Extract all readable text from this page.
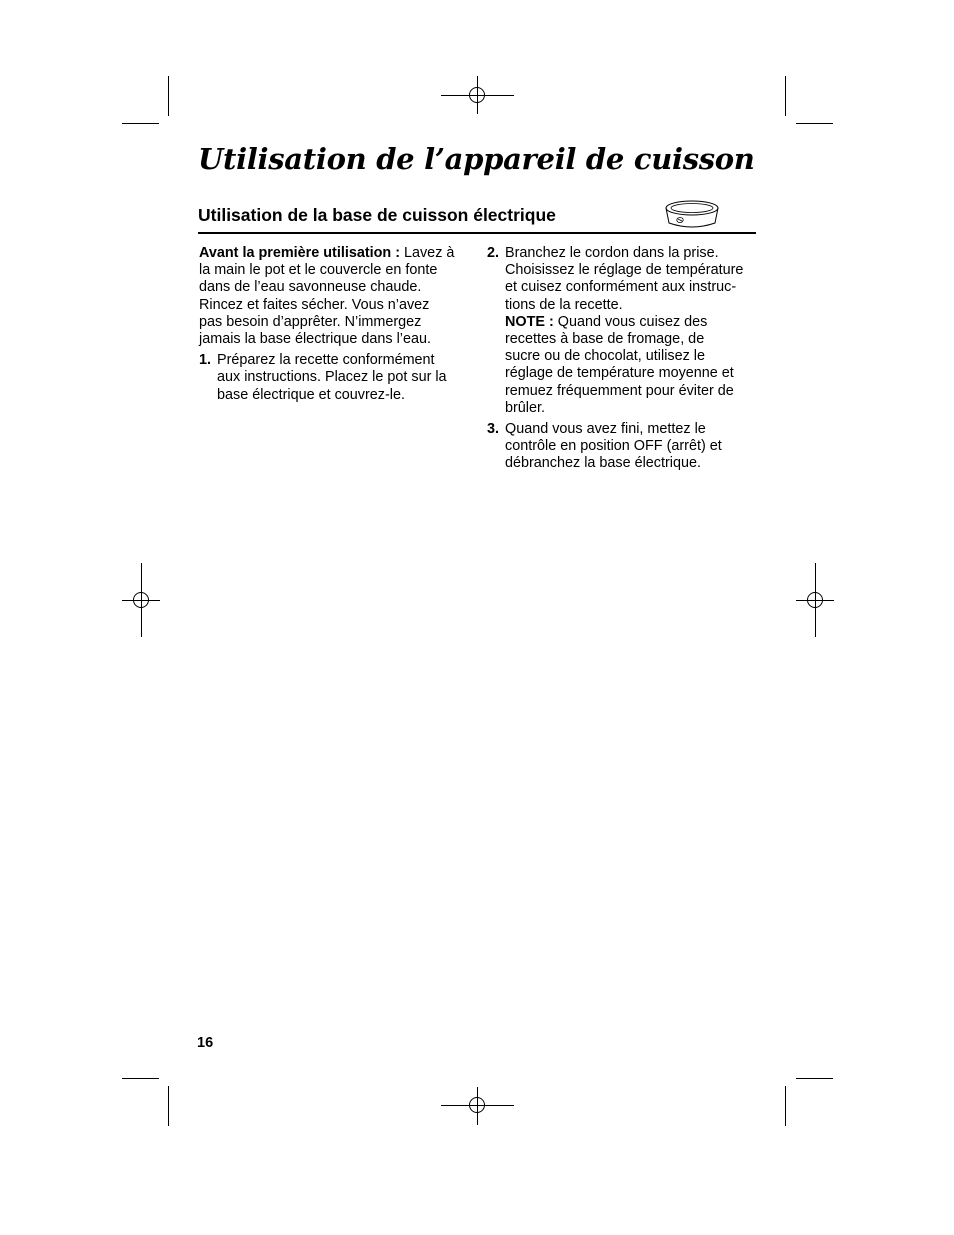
Utilisation de l’appareil de cuisson
Utilisation de la base de cuisson électrique

Avant la première utilisation : Lavez à
la main le pot et le couvercle en fonte
dans de l’eau savonneuse chaude.
Rincez et faites sécher. Vous n’avez
pas besoin d’apprêter. N’immergez
jamais la base électrique dans l’eau.

1. Préparez la recette conformément
aux instructions. Placez le pot sur la
base électrique et couvrez-le.
2. Branchez le cordon dans la prise.
Choisissez le réglage de température
et cuisez conformément aux instruc-
tions de la recette.
NOTE : Quand vous cuisez des
recettes à base de fromage, de
sucre ou de chocolat, utilisez le
réglage de température moyenne et
remuez fréquemment pour éviter de
brûler.
3. Quand vous avez fini, mettez le
contrôle en position OFF (arrêt) et
débranchez la base électrique.
16
